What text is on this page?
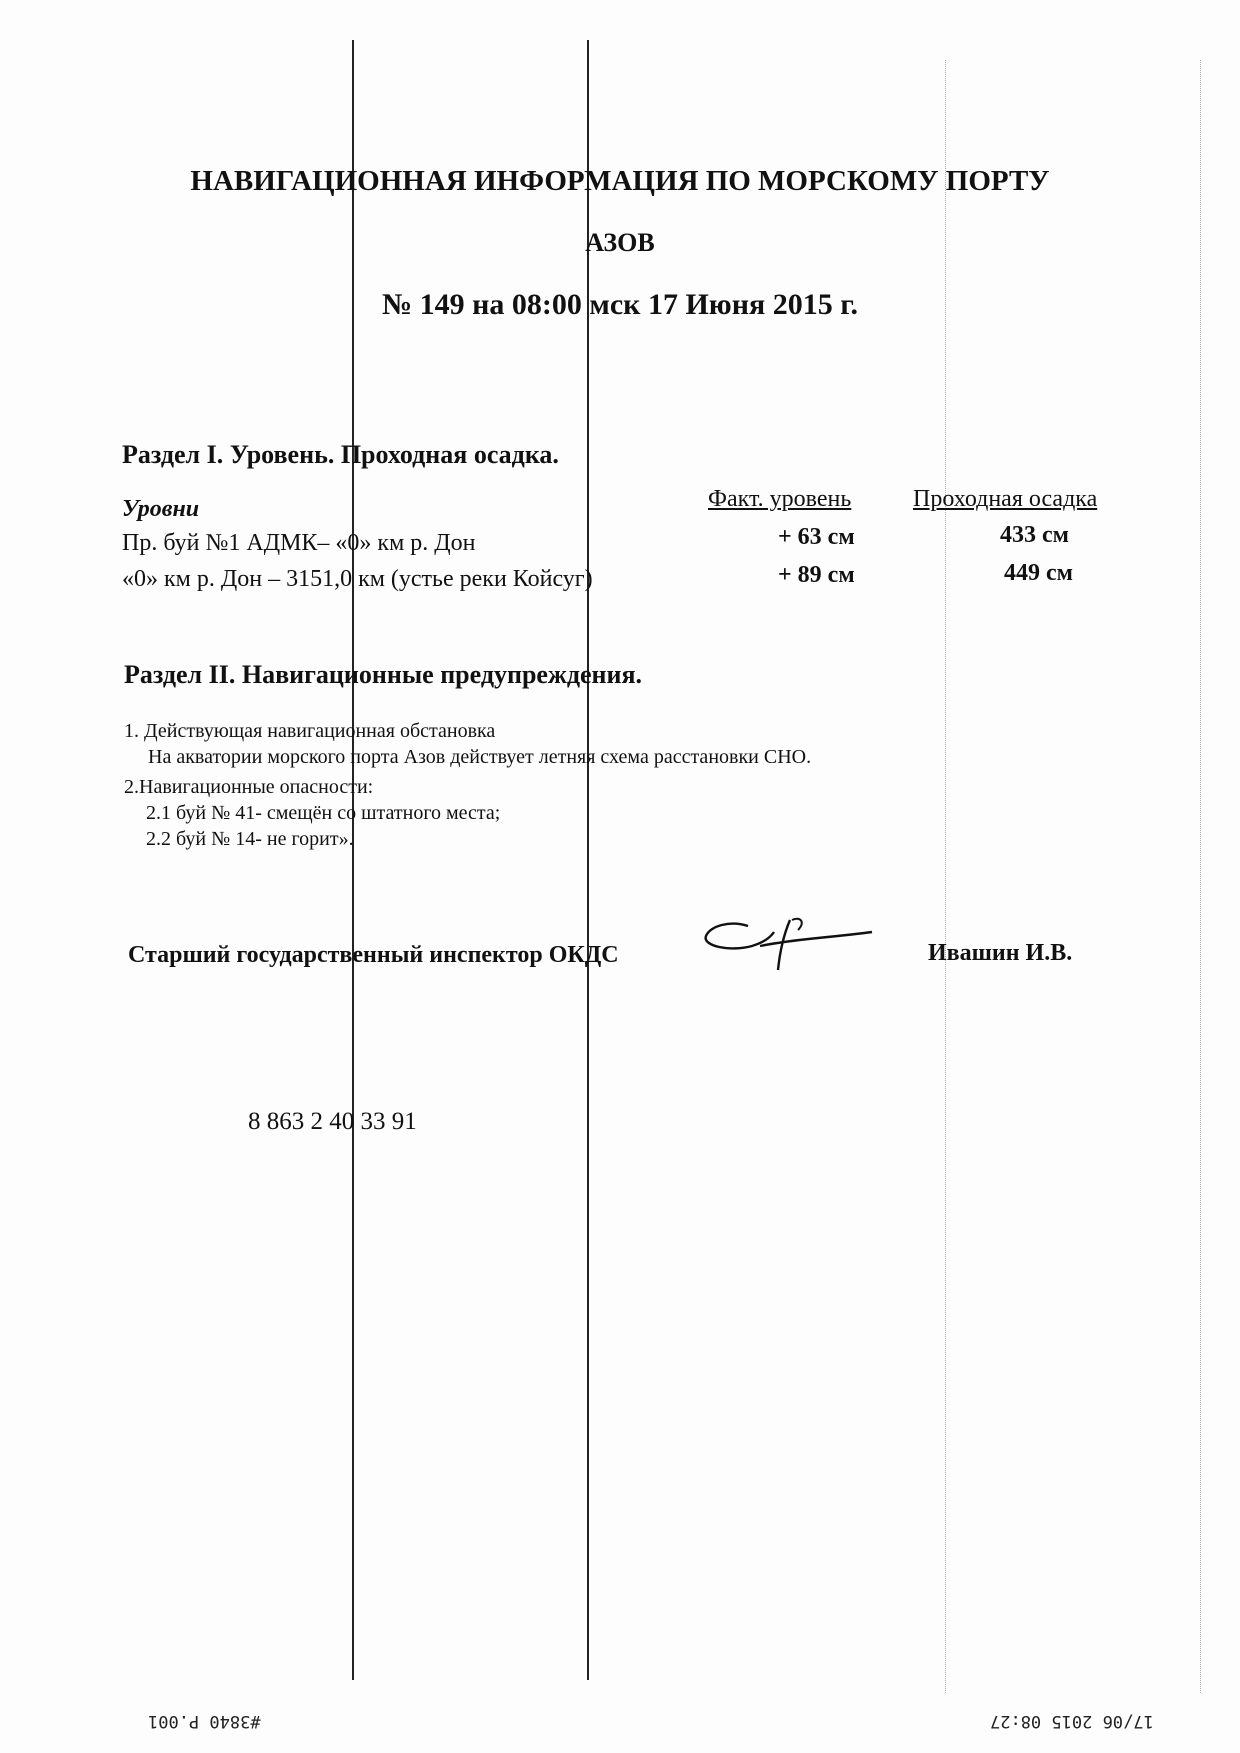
НАВИГАЦИОННАЯ ИНФОРМАЦИЯ ПО МОРСКОМУ ПОРТУ
АЗОВ
№ 149 на 08:00 мск 17 Июня 2015 г.
Раздел I. Уровень. Проходная осадка.
Уровни	Факт. уровень	Проходная осадка
Пр. буй №1 АДМК– «0» км р. Дон	+ 63 см	433 см
«0» км р. Дон – 3151,0 км (устье реки Койсуг)	+ 89 см	449 см
Раздел II. Навигационные предупреждения.
1. Действующая навигационная обстановка
На акватории морского порта Азов действует летняя схема расстановки СНО.
2.Навигационные опасности:
2.1 буй № 41- смещён со штатного места;
2.2 буй № 14- не горит».
Старший государственный инспектор ОКДС	Ивашин И.В.
8 863 2 40 33 91
#3840 P.001	17/06 2015 08:27
